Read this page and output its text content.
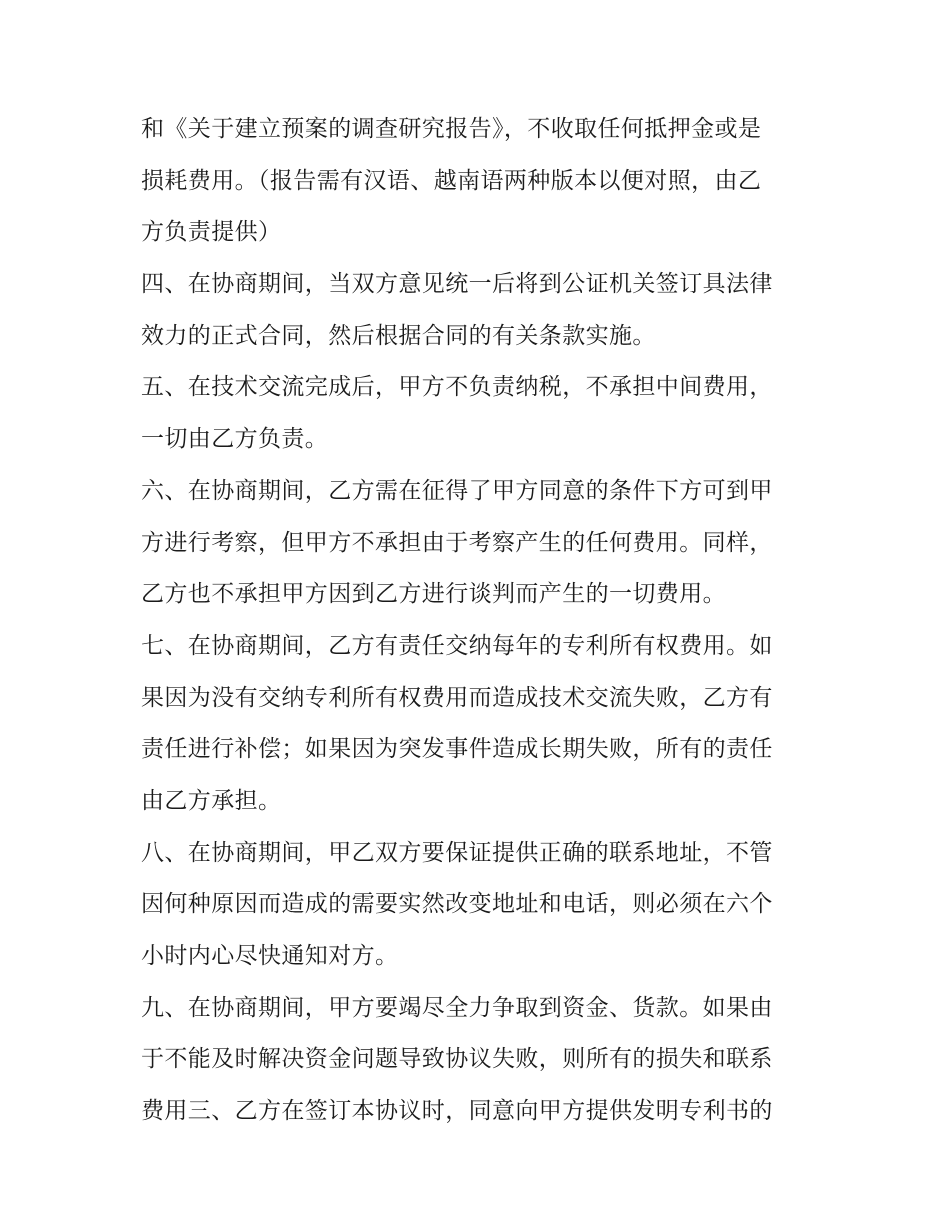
和《关于建立预案的调查研究报告》，不收取任何抵押金或是
损耗费用。（报告需有汉语、越南语两种版本以便对照，由乙
方负责提供）
四、在协商期间，当双方意见统一后将到公证机关签订具法律
效力的正式合同，然后根据合同的有关条款实施。
五、在技术交流完成后，甲方不负责纳税，不承担中间费用，
一切由乙方负责。
六、在协商期间，乙方需在征得了甲方同意的条件下方可到甲
方进行考察，但甲方不承担由于考察产生的任何费用。同样，
乙方也不承担甲方因到乙方进行谈判而产生的一切费用。
七、在协商期间，乙方有责任交纳每年的专利所有权费用。如
果因为没有交纳专利所有权费用而造成技术交流失败，乙方有
责任进行补偿；如果因为突发事件造成长期失败，所有的责任
由乙方承担。
八、在协商期间，甲乙双方要保证提供正确的联系地址，不管
因何种原因而造成的需要实然改变地址和电话，则必须在六个
小时内心尽快通知对方。
九、在协商期间，甲方要竭尽全力争取到资金、货款。如果由
于不能及时解决资金问题导致协议失败，则所有的损失和联系
费用三、乙方在签订本协议时，同意向甲方提供发明专利书的
